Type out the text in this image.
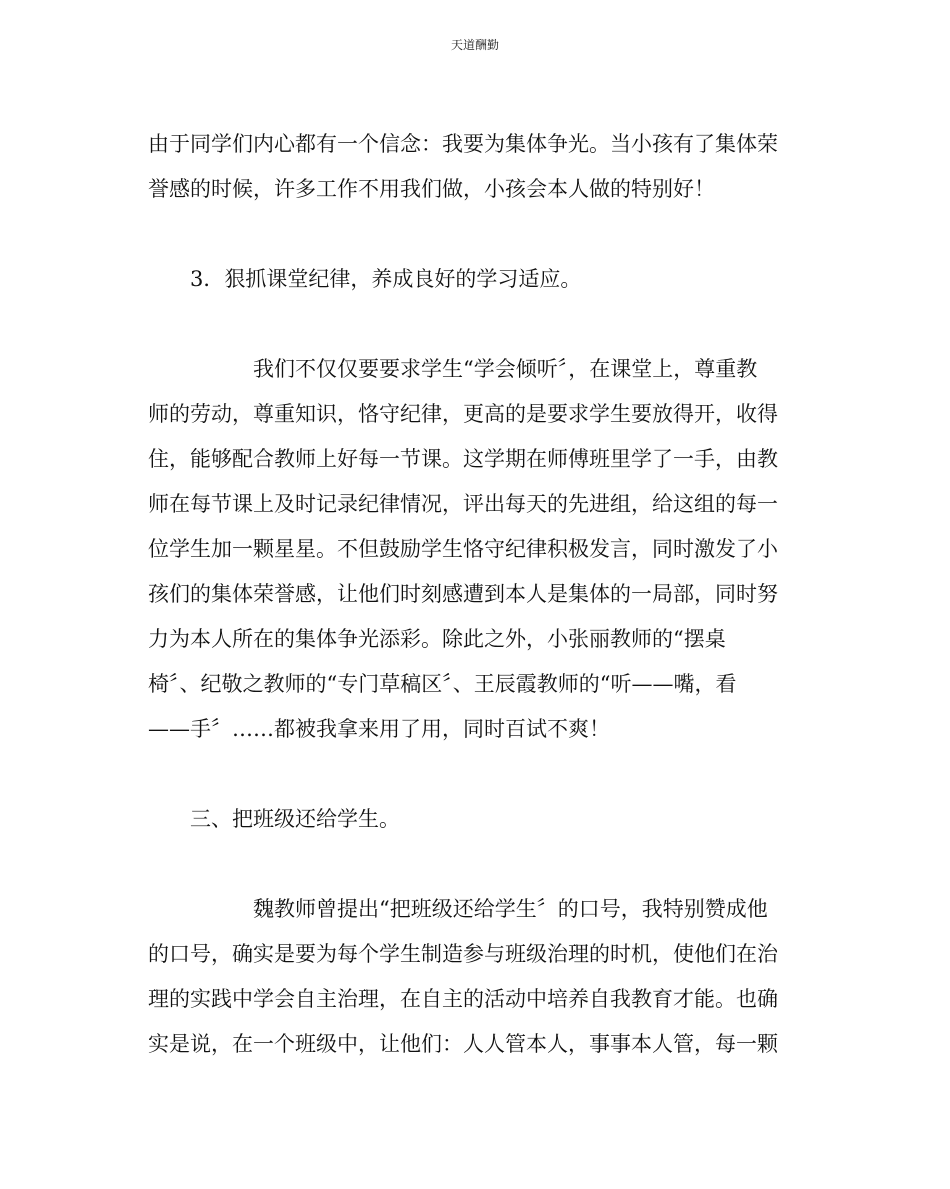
天道酬勤

由于同学们内心都有一个信念：我要为集体争光。当小孩有了集体荣
誉感的时候，许多工作不用我们做，小孩会本人做的特别好！

3．狠抓课堂纪律，养成良好的学习适应。

我们不仅仅要要求学生“学会倾听〞，在课堂上，尊重教
师的劳动，尊重知识，恪守纪律，更高的是要求学生要放得开，收得
住，能够配合教师上好每一节课。这学期在师傅班里学了一手，由教
师在每节课上及时记录纪律情况，评出每天的先进组，给这组的每一
位学生加一颗星星。不但鼓励学生恪守纪律积极发言，同时激发了小
孩们的集体荣誉感，让他们时刻感遭到本人是集体的一局部，同时努
力为本人所在的集体争光添彩。除此之外，小张丽教师的“摆桌
椅〞、纪敬之教师的“专门草稿区〞、王辰霞教师的“听——嘴，看
——手〞……都被我拿来用了用，同时百试不爽！

三、把班级还给学生。

魏教师曾提出“把班级还给学生〞的口号，我特别赞成他
的口号，确实是要为每个学生制造参与班级治理的时机，使他们在治
理的实践中学会自主治理，在自主的活动中培养自我教育才能。也确
实是说，在一个班级中，让他们：人人管本人，事事本人管，每一颗
